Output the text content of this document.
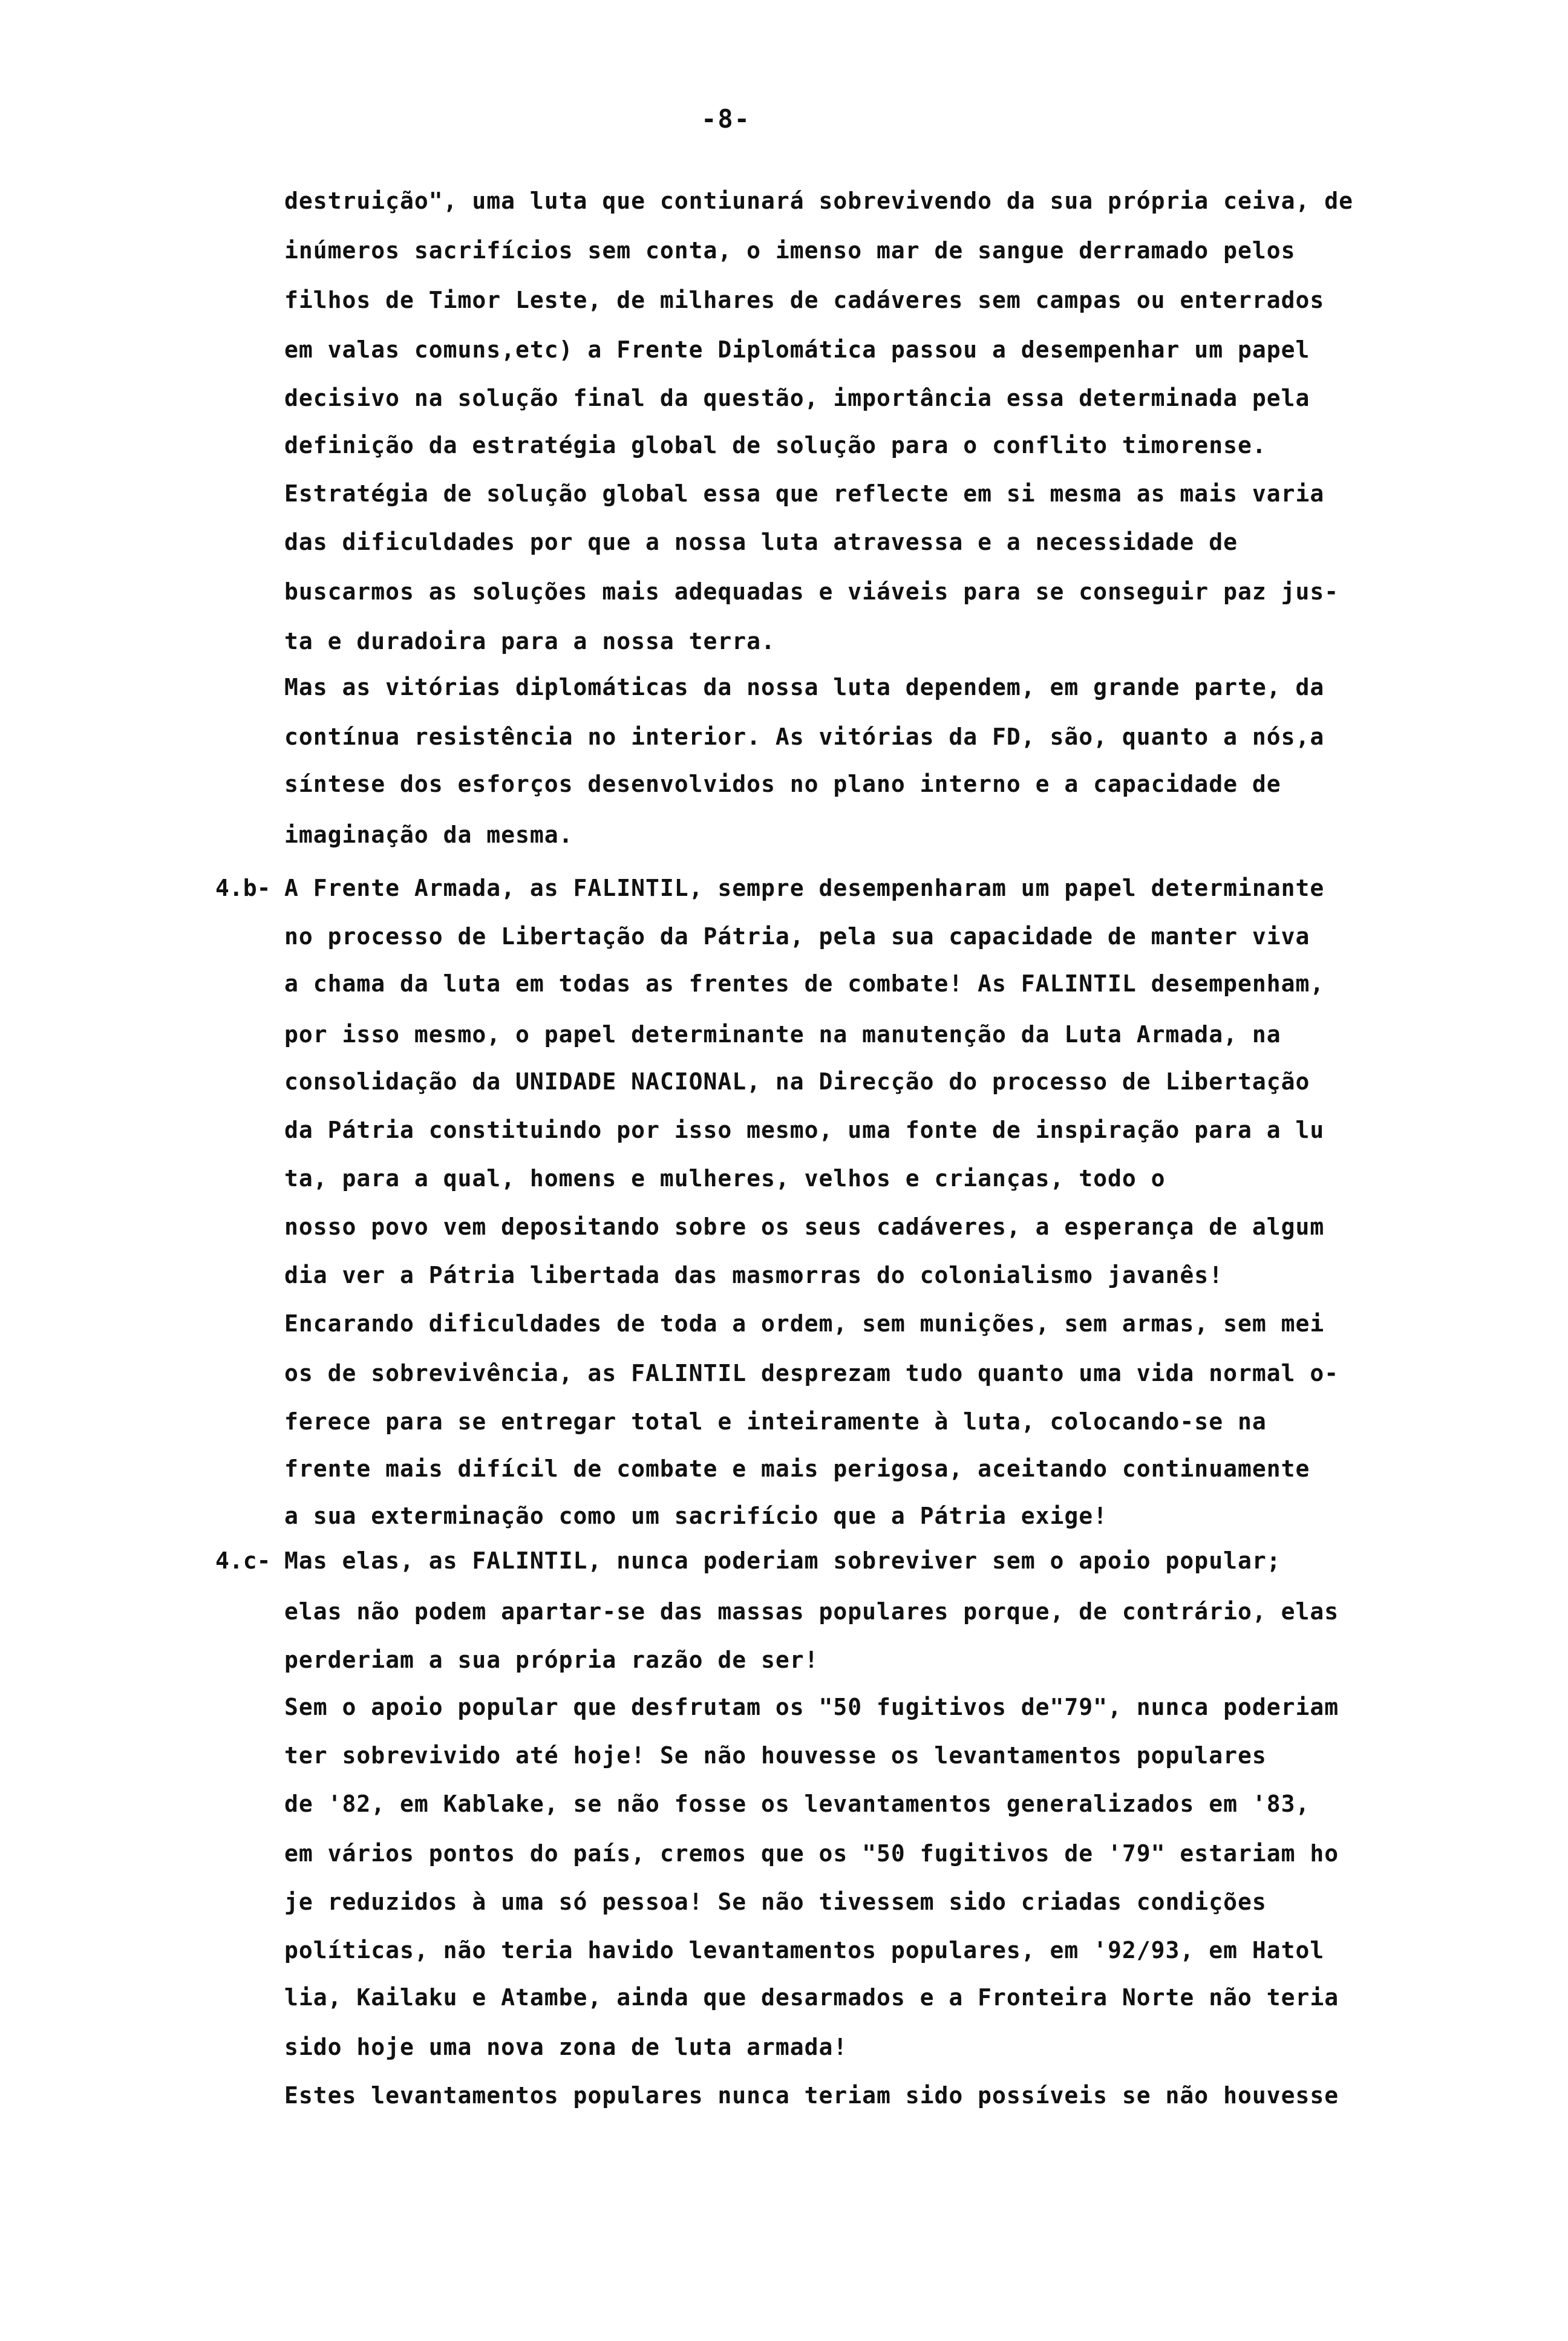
-8-
4.b-
4.c-
destruição", uma luta que contiunará sobrevivendo da sua própria ceiva, de
inúmeros sacrifícios sem conta, o imenso mar de sangue derramado pelos
filhos de Timor Leste, de milhares de cadáveres sem campas ou enterrados
em valas comuns,etc) a Frente Diplomática passou a desempenhar um papel
decisivo na solução final da questão, importância essa determinada pela
definição da estratégia global de solução para o conflito timorense.
Estratégia de solução global essa que reflecte em si mesma as mais varia
das dificuldades por que a nossa luta atravessa e a necessidade de
buscarmos as soluções mais adequadas e viáveis para se conseguir paz jus-
ta e duradoira para a nossa terra.
Mas as vitórias diplomáticas da nossa luta dependem, em grande parte, da
contínua resistência no interior. As vitórias da FD, são, quanto a nós,a
síntese dos esforços desenvolvidos no plano interno e a capacidade de
imaginação da mesma.
A Frente Armada, as FALINTIL, sempre desempenharam um papel determinante
no processo de Libertação da Pátria, pela sua capacidade de manter viva
a chama da luta em todas as frentes de combate! As FALINTIL desempenham,
por isso mesmo, o papel determinante na manutenção da Luta Armada, na
consolidação da UNIDADE NACIONAL, na Direcção do processo de Libertação
da Pátria constituindo por isso mesmo, uma fonte de inspiração para a lu
ta, para a qual, homens e mulheres, velhos e crianças, todo o
nosso povo vem depositando sobre os seus cadáveres, a esperança de algum
dia ver a Pátria libertada das masmorras do colonialismo javanês!
Encarando dificuldades de toda a ordem, sem munições, sem armas, sem mei
os de sobrevivência, as FALINTIL desprezam tudo quanto uma vida normal o-
ferece para se entregar total e inteiramente à luta, colocando-se na
frente mais difícil de combate e mais perigosa, aceitando continuamente
a sua exterminação como um sacrifício que a Pátria exige!
Mas elas, as FALINTIL, nunca poderiam sobreviver sem o apoio popular;
elas não podem apartar-se das massas populares porque, de contrário, elas
perderiam a sua própria razão de ser!
Sem o apoio popular que desfrutam os "50 fugitivos de"79", nunca poderiam
ter sobrevivido até hoje! Se não houvesse os levantamentos populares
de '82, em Kablake, se não fosse os levantamentos generalizados em '83,
em vários pontos do país, cremos que os "50 fugitivos de '79" estariam ho
je reduzidos à uma só pessoa! Se não tivessem sido criadas condições
políticas, não teria havido levantamentos populares, em '92/93, em Hatol
lia, Kailaku e Atambe, ainda que desarmados e a Fronteira Norte não teria
sido hoje uma nova zona de luta armada!
Estes levantamentos populares nunca teriam sido possíveis se não houvesse
